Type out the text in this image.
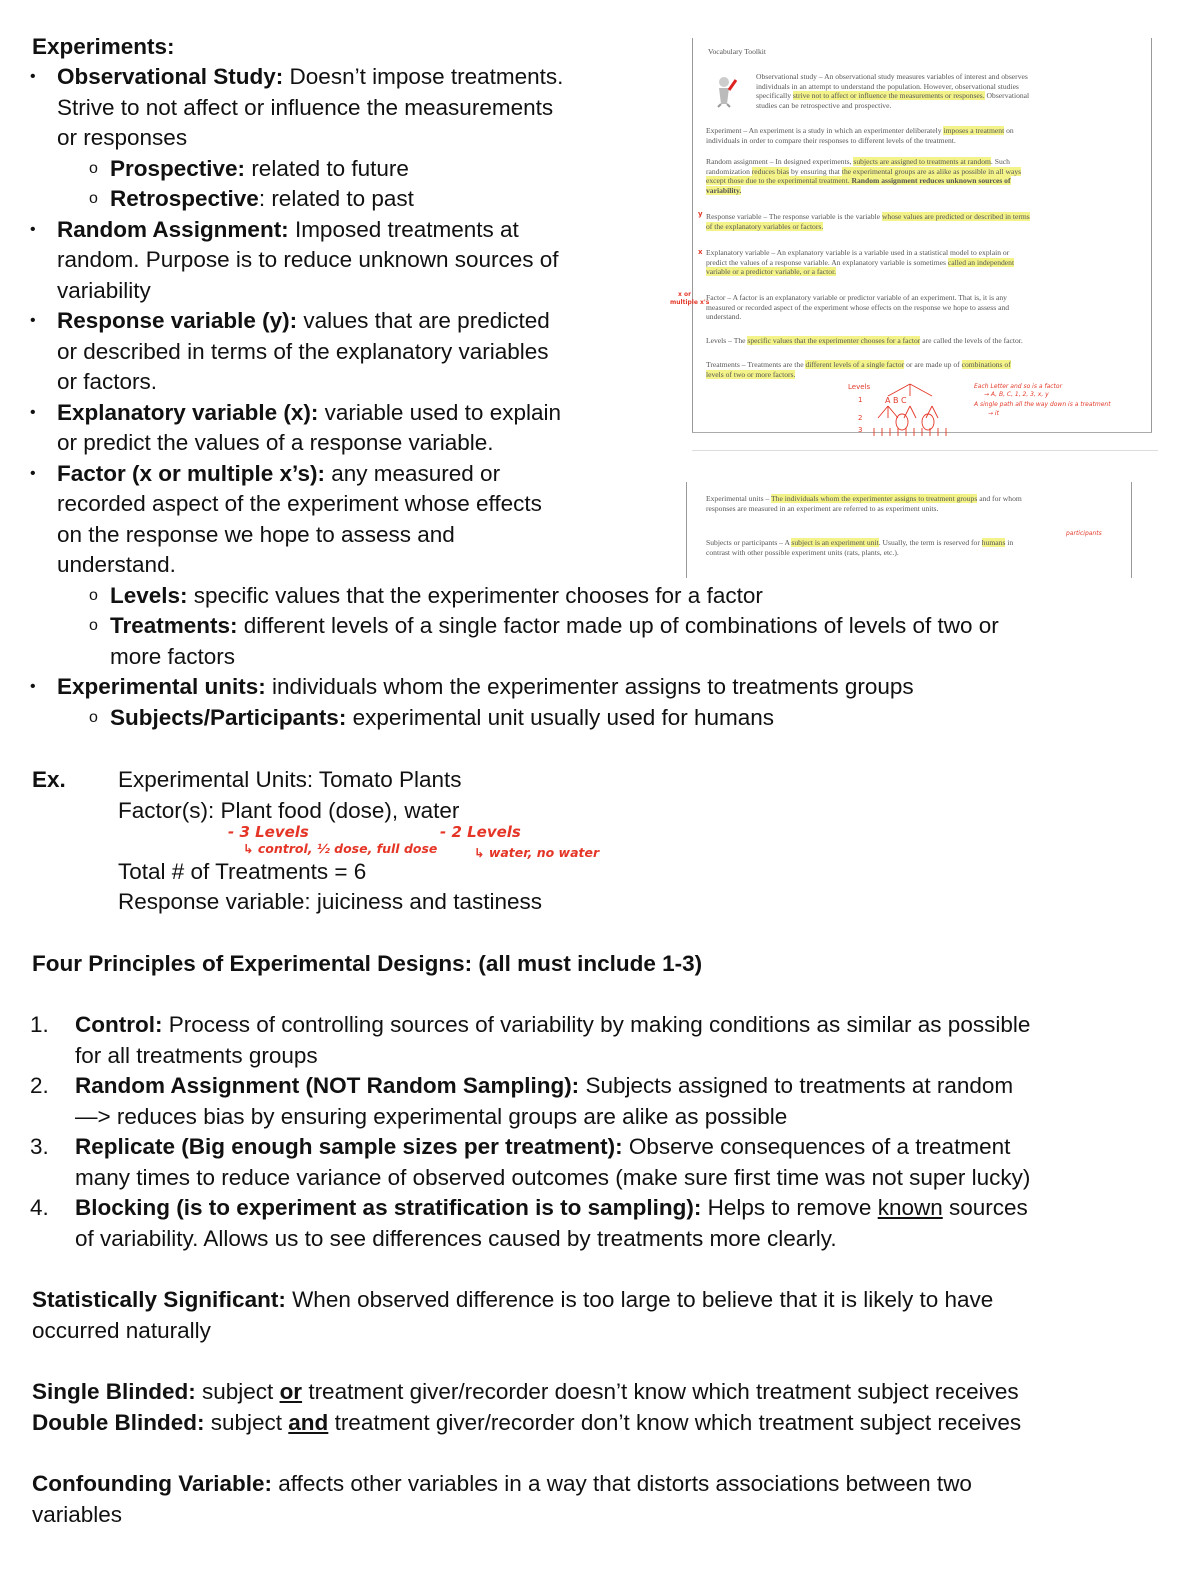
Experiments:
• Observational Study: Doesn’t impose treatments.
Strive to not affect or influence the measurements
or responses
o Prospective: related to future
o Retrospective: related to past
• Random Assignment: Imposed treatments at
random. Purpose is to reduce unknown sources of
variability
• Response variable (y): values that are predicted
or described in terms of the explanatory variables
or factors.
• Explanatory variable (x): variable used to explain
or predict the values of a response variable.
• Factor (x or multiple x’s): any measured or
recorded aspect of the experiment whose effects
on the response we hope to assess and
understand.
o Levels: specific values that the experimenter chooses for a factor
o Treatments: different levels of a single factor made up of combinations of levels of two or
more factors
• Experimental units: individuals whom the experimenter assigns to treatments groups
o Subjects/Participants: experimental unit usually used for humans
Ex. Experimental Units: Tomato Plants
Factor(s): Plant food (dose), water
- 3 Levels
↳ control, ½ dose, full dose
- 2 Levels
↳ water, no water
Total # of Treatments = 6
Response variable: juiciness and tastiness
Four Principles of Experimental Designs: (all must include 1-3)
1. Control: Process of controlling sources of variability by making conditions as similar as possible
for all treatments groups
2. Random Assignment (NOT Random Sampling): Subjects assigned to treatments at random
—> reduces bias by ensuring experimental groups are alike as possible
3. Replicate (Big enough sample sizes per treatment): Observe consequences of a treatment
many times to reduce variance of observed outcomes (make sure first time was not super lucky)
4. Blocking (is to experiment as stratification is to sampling): Helps to remove known sources
of variability. Allows us to see differences caused by treatments more clearly.
Statistically Significant: When observed difference is too large to believe that it is likely to have
occurred naturally
Single Blinded: subject or treatment giver/recorder doesn’t know which treatment subject receives
Double Blinded: subject and treatment giver/recorder don’t know which treatment subject receives
Confounding Variable: affects other variables in a way that distorts associations between two
variables
Vocabulary Toolkit
Observational study – An observational study measures variables of interest and observes
individuals in an attempt to understand the population. However, observational studies
specifically strive not to affect or influence the measurements or responses. Observational
studies can be retrospective and prospective.
Experiment – An experiment is a study in which an experimenter deliberately imposes a treatment on
individuals in order to compare their responses to different levels of the treatment.
Random assignment – In designed experiments, subjects are assigned to treatments at random. Such
randomization reduces bias by ensuring that the experimental groups are as alike as possible in all ways
except those due to the experimental treatment. Random assignment reduces unknown sources of
variability.
y Response variable – The response variable is the variable whose values are predicted or described in terms
of the explanatory variables or factors.
x Explanatory variable – An explanatory variable is a variable used in a statistical model to explain or
predict the values of a response variable. An explanatory variable is sometimes called an independent
variable or a predictor variable, or a factor.
x or
multiple x's
Factor – A factor is an explanatory variable or predictor variable of an experiment. That is, it is any
measured or recorded aspect of the experiment whose effects on the response we hope to assess and
understand.
Levels – The specific values that the experimenter chooses for a factor are called the levels of the factor.
Treatments – Treatments are the different levels of a single factor or are made up of combinations of
levels of two or more factors.
Levels
1	A B C
2
3
Each Letter and so is a factor
→ A, B, C, 1, 2, 3, x, y
A single path all the way down is a treatment
→ it
Experimental units – The individuals whom the experimenter assigns to treatment groups and for whom
responses are measured in an experiment are referred to as experiment units.
participants
Subjects or participants – A subject is an experiment unit. Usually, the term is reserved for humans in
contrast with other possible experiment units (rats, plants, etc.).
